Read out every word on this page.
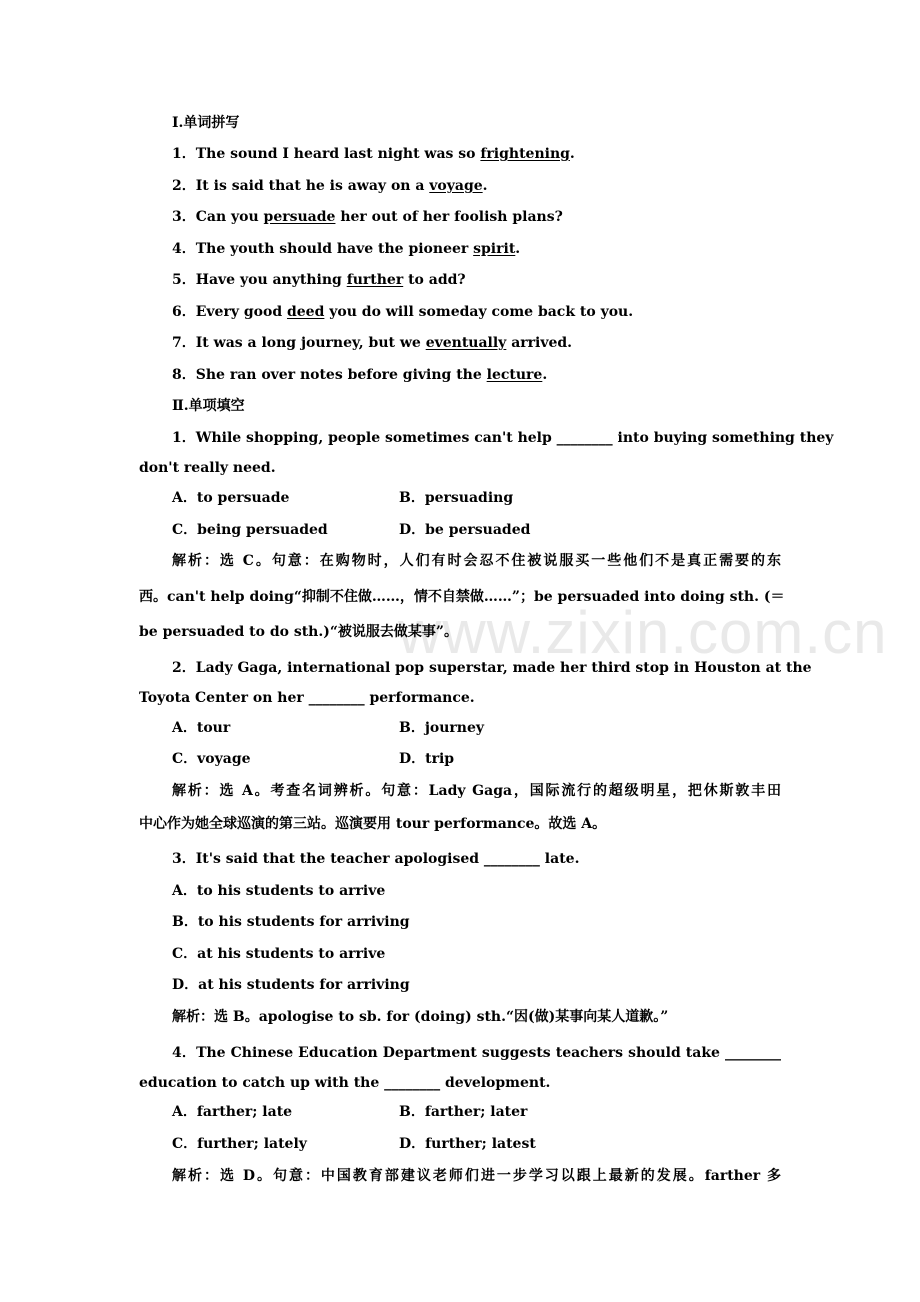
www.zixin.com.cn
Ⅰ.单词拼写
1．The sound I heard last night was so frightening.
2．It is said that he is away on a voyage.
3．Can you persuade her out of her foolish plans?
4．The youth should have the pioneer spirit.
5．Have you anything further to add?
6．Every good deed you do will someday come back to you.
7．It was a long journey, but we eventually arrived.
8．She ran over notes before giving the lecture.
Ⅱ.单项填空
1．While shopping, people sometimes can't help ________ into buying something they
don't really need.
A．to persuade	B．persuading
C．being persuaded	D．be persuaded
解析：选 C。句意：在购物时，人们有时会忍不住被说服买一些他们不是真正需要的东
西。can't help doing“抑制不住做……，情不自禁做……”；be persuaded into doing sth. (＝
be persuaded to do sth.)“被说服去做某事”。
2．Lady Gaga, international pop superstar, made her third stop in Houston at the
Toyota Center on her ________ performance.
A．tour	B．journey
C．voyage	D．trip
解析：选 A。考查名词辨析。句意：Lady Gaga，国际流行的超级明星，把休斯敦丰田
中心作为她全球巡演的第三站。巡演要用 tour performance。故选 A。
3．It's said that the teacher apologised ________ late.
A．to his students to arrive
B．to his students for arriving
C．at his students to arrive
D．at his students for arriving
解析：选 B。apologise to sb. for (doing) sth.“因(做)某事向某人道歉。”
4．The Chinese Education Department suggests teachers should take ________
education to catch up with the ________ development.
A．farther; late	B．farther; later
C．further; lately	D．further; latest
解析：选 D。句意：中国教育部建议老师们进一步学习以跟上最新的发展。farther 多
